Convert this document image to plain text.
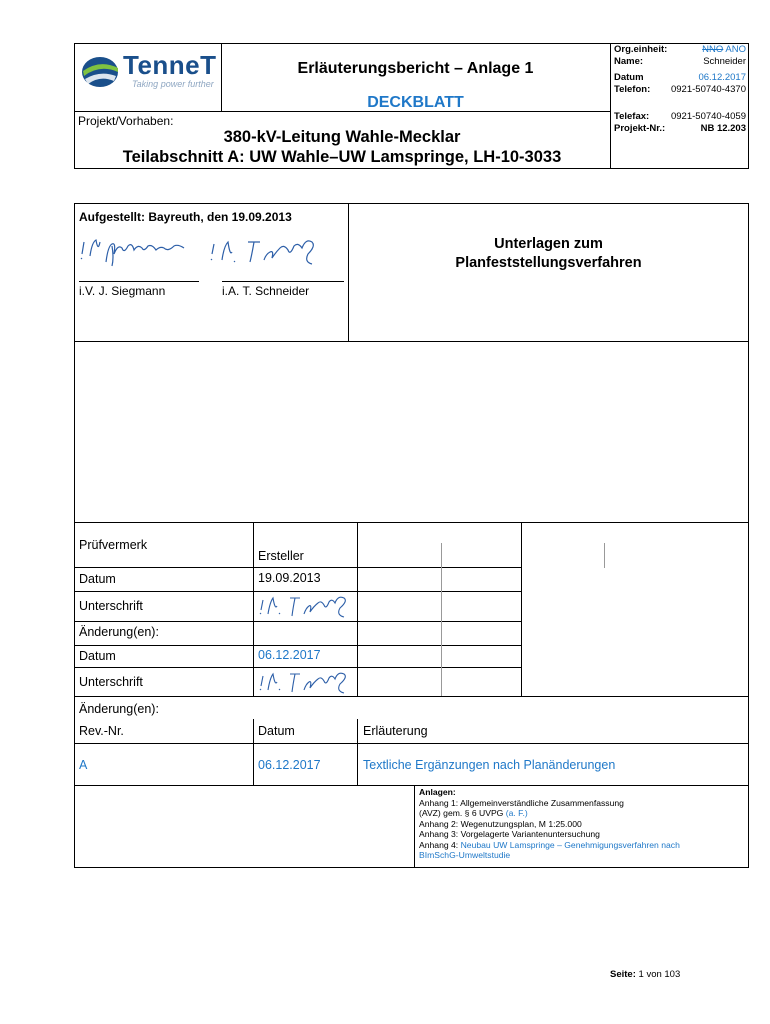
TenneT
Taking power further
Erläuterungsbericht – Anlage 1
DECKBLATT
Projekt/Vorhaben:
380-kV-Leitung Wahle-Mecklar
Teilabschnitt A: UW Wahle–UW Lamspringe, LH-10-3033
Org.einheit:	NNO ANO
Name:	Schneider
Datum	06.12.2017
Telefon: 0921-50740-4370
Telefax: 0921-50740-4059
Projekt-Nr.:	NB 12.203
Aufgestellt: Bayreuth, den 19.09.2013
i.V. J. Siegmann	i.A. T. Schneider
Unterlagen zum
Planfeststellungsverfahren
Prüfvermerk
Ersteller
Datum	19.09.2013
Unterschrift
Änderung(en):
Datum	06.12.2017
Unterschrift
Änderung(en):
Rev.-Nr.	Datum	Erläuterung
A	06.12.2017	Textliche Ergänzungen nach Planänderungen
Anlagen:
Anhang 1: Allgemeinverständliche Zusammenfassung
(AVZ) gem. § 6 UVPG (a. F.)
Anhang 2: Wegenutzungsplan, M 1:25.000
Anhang 3: Vorgelagerte Variantenuntersuchung
Anhang 4: Neubau UW Lamspringe – Genehmigungsverfahren nach
BImSchG-Umweltstudie
Seite: 1 von 103
